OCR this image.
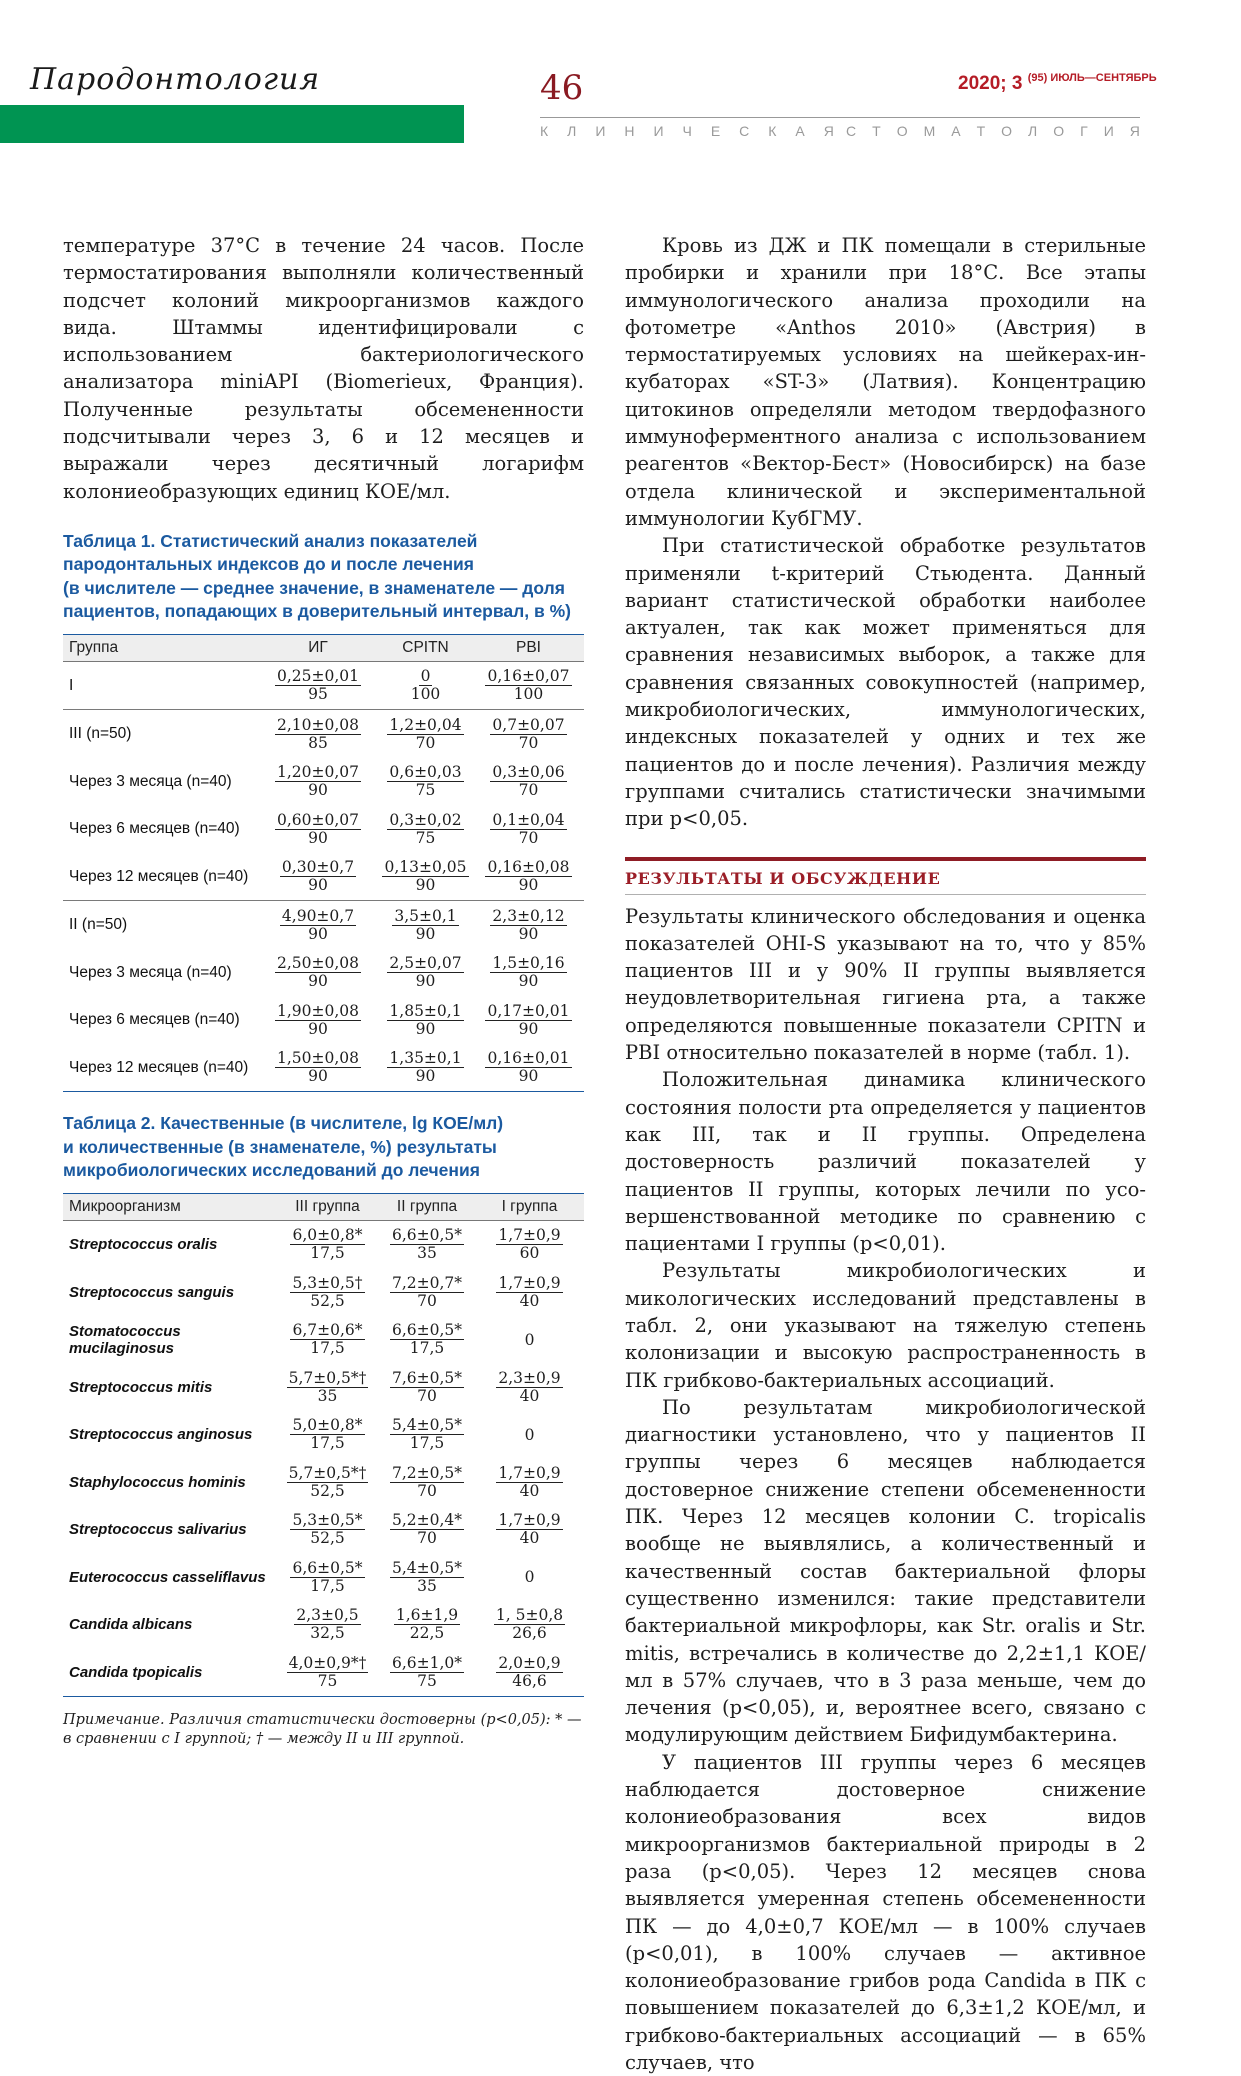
Пародонтология	46	2020; 3 $^{(95) ИЮЛЬ—СЕНТЯБРЬ}$
К Л И Н И Ч Е С К А Я С Т О М А Т О Л О Г И Я

температуре 37°С в течение 24 часов. После термостатирования выполняли количественный подсчет колоний микроорганизмов каждого вида. Штаммы идентифицировали с использованием бактериологического анализатора miniAPI (Biomerieux, Франция). Полученные результаты обсемененности подсчитывали через 3, 6 и 12 месяцев и выражали через десятичный логарифм колониеобразующих единиц КОЕ/мл.

Таблица 1. Статистический анализ показателей

пародонтальных индексов до и после лечения

(в числителе — среднее значение, в знаменателе — доля

пациентов, попадающих в доверительный интервал, в %)

Группа	ИГ	CPITN	PBI
I	$\frac{0,25\pm 0,01}{95}$	$\frac{0}{100}$	$\frac{0,16\pm 0,07}{100}$

III (n=50)	$\frac{2,10\pm 0,08}{85}$	$\frac{1,2\pm 0,04}{70}$	$\frac{0,7\pm 0,07}{70}$

Через 3 месяца (n=40)	$\frac{1,20\pm 0,07}{90}$	$\frac{0,6\pm 0,03}{75}$	$\frac{0,3\pm 0,06}{70}$

Через 6 месяцев (n=40)	$\frac{0,60\pm 0,07}{90}$	$\frac{0,3\pm 0,02}{75}$	$\frac{0,1\pm 0,04}{70}$

Через 12 месяцев (n=40)	$\frac{0,30\pm 0,7}{90}$	$\frac{0,13\pm 0,05}{90}$	$\frac{0,16\pm 0,08}{90}$

II (n=50)	$\frac{4,90\pm 0,7}{90}$	$\frac{3,5\pm 0,1}{90}$	$\frac{2,3\pm 0,12}{90}$

Через 3 месяца (n=40)	$\frac{2,50\pm 0,08}{90}$	$\frac{2,5\pm 0,07}{90}$	$\frac{1,5\pm 0,16}{90}$

Через 6 месяцев (n=40)	$\frac{1,90\pm 0,08}{90}$	$\frac{1,85\pm 0,1}{90}$	$\frac{0,17\pm 0,01}{90}$

Через 12 месяцев (n=40)	$\frac{1,50\pm 0,08}{90}$	$\frac{1,35\pm 0,1}{90}$	$\frac{0,16\pm 0,01}{90}$

Таблица 2. Качественные (в числителе, lg КОЕ/мл)

и количественные (в знаменателе, %) результаты

микробиологических исследований до лечения

Микроорганизм	III группа	II группа	I группа
Streptococcus oralis	$\frac{6,0\pm 0,8*}{17,5}$	$\frac{6,6\pm 0,5*}{35}$	$\frac{1,7\pm 0,9}{60}$

Streptococcus sanguis	$\frac{5,3\pm 0,5\dagger}{52,5}$	$\frac{7,2\pm 0,7*}{70}$	$\frac{1,7\pm 0,9}{40}$

Stomatococcus mucilaginosus	$\frac{6,7\pm 0,6*}{17,5}$	$\frac{6,6\pm 0,5*}{17,5}$	0
Streptococcus mitis	$\frac{5,7\pm 0,5*\dagger}{35}$	$\frac{7,6\pm 0,5*}{70}$	$\frac{2,3\pm 0,9}{40}$

Streptococcus anginosus	$\frac{5,0\pm 0,8*}{17,5}$	$\frac{5,4\pm 0,5*}{17,5}$	0
Staphylococcus hominis	$\frac{5,7\pm 0,5*\dagger}{52,5}$	$\frac{7,2\pm 0,5*}{70}$	$\frac{1,7\pm 0,9}{40}$

Streptococcus salivarius	$\frac{5,3\pm 0,5*}{52,5}$	$\frac{5,2\pm 0,4*}{70}$	$\frac{1,7\pm 0,9}{40}$

Euterococcus casseliflavus	$\frac{6,6\pm 0,5*}{17,5}$	$\frac{5,4\pm 0,5*}{35}$	0
Candida albicans	$\frac{2,3\pm 0,5}{32,5}$	$\frac{1,6\pm 1,9}{22,5}$	$\frac{1, 5\pm 0,8}{26,6}$

Candida tpopicalis	$\frac{4,0\pm 0,9*\dagger}{75}$	$\frac{6,6\pm 1,0*}{75}$	$\frac{2,0\pm 0,9}{46,6}$

Примечание. Различия статистически достоверны (p<0,05): * — в сравнении с I группой; † — между II и III группой.

Кровь из ДЖ и ПК помещали в стерильные пробирки и хранили при 18°С. Все этапы иммунологического анализа проходили на фотометре «Anthos 2010» (Австрия) в термостатируемых условиях на шейкерах-инкубаторах «ST-3» (Латвия). Концентрацию цитокинов определяли методом твердофазного иммуноферментного анализа с использованием реагентов «Вектор-Бест» (Новосибирск) на базе отдела клинической и экспериментальной иммунологии КубГМУ.

При статистической обработке результатов применяли t-критерий Стьюдента. Данный вариант статистической обработки наиболее актуален, так как может применяться для сравнения независимых выборок, а также для сравнения связанных совокупностей (например, микробиологических, иммунологических, индексных показателей у одних и тех же пациентов до и после лечения). Различия между группами считались статистически значимыми при p<0,05.

РЕЗУЛЬТАТЫ И ОБСУЖДЕНИЕ

Результаты клинического обследования и оценка показателей OHI-S указывают на то, что у 85% пациентов III и у 90% II группы выявляется неудовлетворительная гигиена рта, а также определяются повышенные показатели CPITN и PBI относительно показателей в норме (табл. 1).

Положительная динамика клинического состояния полости рта определяется у пациентов как III, так и II группы. Определена достоверность различий показателей у пациентов II группы, которых лечили по усовершенствованной методике по сравнению с пациентами I группы (p<0,01).

Результаты микробиологических и микологических исследований представлены в табл. 2, они указывают на тяжелую степень колонизации и высокую распространенность в ПК грибково-бактериальных ассоциаций.

По результатам микробиологической диагностики установлено, что у пациентов II группы через 6 месяцев наблюдается достоверное снижение степени обсемененности ПК. Через 12 месяцев колонии C. tropicalis вообще не выявлялись, а количественный и качественный состав бактериальной флоры существенно изменился: такие представители бактериальной микрофлоры, как Str. oralis и Str. mitis, встречались в количестве до 2,2±1,1 КОЕ/мл в 57% случаев, что в 3 раза меньше, чем до лечения (p<0,05), и, вероятнее всего, связано с модулирующим действием Бифидумбактерина.

У пациентов III группы через 6 месяцев наблюдается достоверное снижение колониеобразования всех видов микроорганизмов бактериальной природы в 2 раза (p<0,05). Через 12 месяцев снова выявляется умеренная степень обсемененности ПК — до 4,0±0,7 КОЕ/мл — в 100% случаев (p<0,01), в 100% случаев — активное колониеобразование грибов рода Candida в ПК с повышением показателей до 6,3±1,2 КОЕ/мл, и грибково-бактериальных ассоциаций — в 65% случаев, что
